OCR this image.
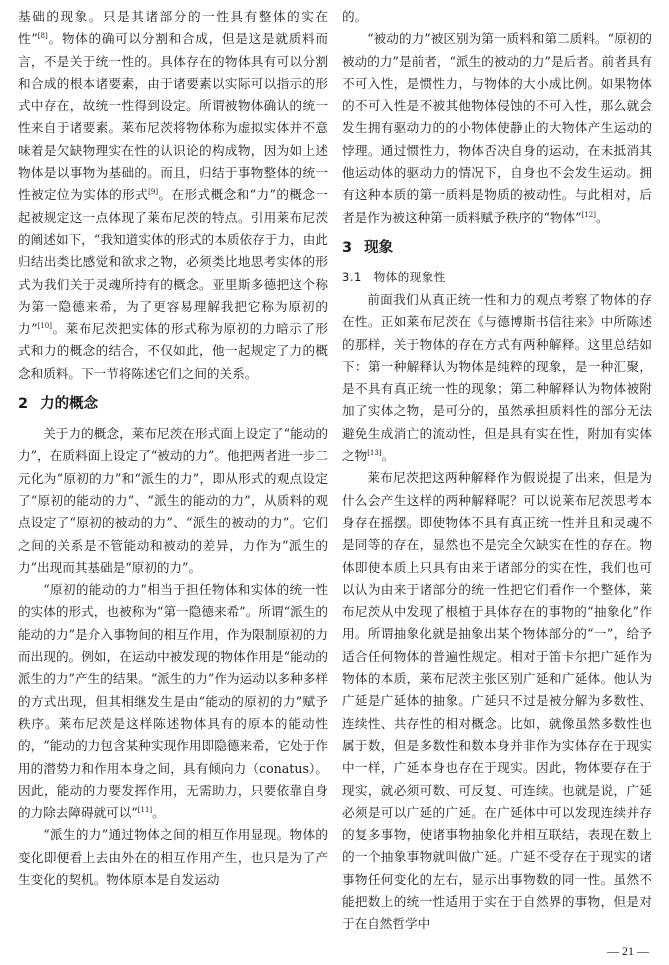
基础的现象。只是其诸部分的一性具有整体的实在性”[8]。物体的确可以分割和合成，但是这是就质料而言，不是关于统一性的。具体存在的物体具有可以分割和合成的根本诸要素，由于诸要素以实际可以指示的形式中存在，故统一性得到设定。所谓被物体确认的统一性来自于诸要素。莱布尼茨将物体称为虚拟实体并不意味着是欠缺物理实在性的认识论的构成物，因为如上述物体是以事物为基础的。而且，归结于事物整体的统一性被定位为实体的形式[9]。在形式概念和“力”的概念一起被规定这一点体现了莱布尼茨的特点。引用莱布尼茨的阐述如下，“我知道实体的形式的本质依存于力，由此归结出类比感觉和欲求之物，必须类比地思考实体的形式为我们关于灵魂所持有的概念。亚里斯多德把这个称为第一隐德来希，为了更容易理解我把它称为原初的力”[10]。莱布尼茨把实体的形式称为原初的力暗示了形式和力的概念的结合，不仅如此，他一起规定了力的概念和质料。下一节将陈述它们之间的关系。

2 力的概念

关于力的概念，莱布尼茨在形式面上设定了“能动的力”，在质料面上设定了“被动的力”。他把两者进一步二元化为“原初的力”和“派生的力”，即从形式的观点设定了“原初的能动的力”、“派生的能动的力”，从质料的观点设定了“原初的被动的力”、“派生的被动的力”。它们之间的关系是不管能动和被动的差异，力作为“派生的力”出现而其基础是“原初的力”。

“原初的能动的力”相当于担任物体和实体的统一性的实体的形式，也被称为“第一隐德来希”。所谓“派生的能动的力”是介入事物间的相互作用，作为限制原初的力而出现的。例如，在运动中被发现的物体作用是“能动的派生的力”产生的结果。“派生的力”作为运动以多种多样的方式出现，但其相继发生是由“能动的原初的力”赋予秩序。莱布尼茨是这样陈述物体具有的原本的能动性的，“能动的力包含某种实现作用即隐德来希，它处于作用的潜势力和作用本身之间，具有倾向力（conatus）。因此，能动的力要发挥作用，无需助力，只要依靠自身的力除去障碍就可以”[11]。

“派生的力”通过物体之间的相互作用显现。物体的变化即便看上去由外在的相互作用产生，也只是为了产生变化的契机。物体原本是自发运动

的。

“被动的力”被区别为第一质料和第二质料。“原初的被动的力”是前者，“派生的被动的力”是后者。前者具有不可入性，是惯性力，与物体的大小成比例。如果物体的不可入性是不被其他物体侵蚀的不可入性，那么就会发生拥有驱动力的的小物体使静止的大物体产生运动的悖理。通过惯性力，物体否决自身的运动，在未抵消其他运动体的驱动力的情况下，自身也不会发生运动。拥有这种本质的第一质料是物质的被动性。与此相对，后者是作为被这种第一质料赋予秩序的“物体”[12]。

3 现象
3.1 物体的现象性

前面我们从真正统一性和力的观点考察了物体的存在性。正如莱布尼茨在《与德博斯书信往来》中所陈述的那样，关于物体的存在方式有两种解释。这里总结如下：第一种解释认为物体是纯粹的现象，是一种汇聚，是不具有真正统一性的现象；第二种解释认为物体被附加了实体之物，是可分的，虽然承担质料性的部分无法避免生成消亡的流动性，但是具有实在性，附加有实体之物[13]。

莱布尼茨把这两种解释作为假说提了出来，但是为什么会产生这样的两种解释呢？可以说莱布尼茨思考本身存在摇摆。即使物体不具有真正统一性并且和灵魂不是同等的存在，显然也不是完全欠缺实在性的存在。物体即使本质上只具有由来于诸部分的实在性，我们也可以认为由来于诸部分的统一性把它们看作一个整体，莱布尼茨从中发现了根植于具体存在的事物的“抽象化”作用。所谓抽象化就是抽象出某个物体部分的“一”，给予适合任何物体的普遍性规定。相对于笛卡尔把广延作为物体的本质，莱布尼茨主张区别广延和广延体。他认为广延是广延体的抽象。广延只不过是被分解为多数性、连续性、共存性的相对概念。比如，就像虽然多数性也属于数，但是多数性和数本身并非作为实体存在于现实中一样，广延本身也存在于现实。因此，物体要存在于现实，就必须可数、可反复、可连续。也就是说，广延必须是可以广延的广延。在广延体中可以发现连续并存的复多事物，使诸事物抽象化并相互联结，表现在数上的一个抽象事物就叫做广延。广延不受存在于现实的诸事物任何变化的左右，显示出事物数的同一性。虽然不能把数上的统一性适用于实在于自然界的事物，但是对于在自然哲学中

— 21 —
